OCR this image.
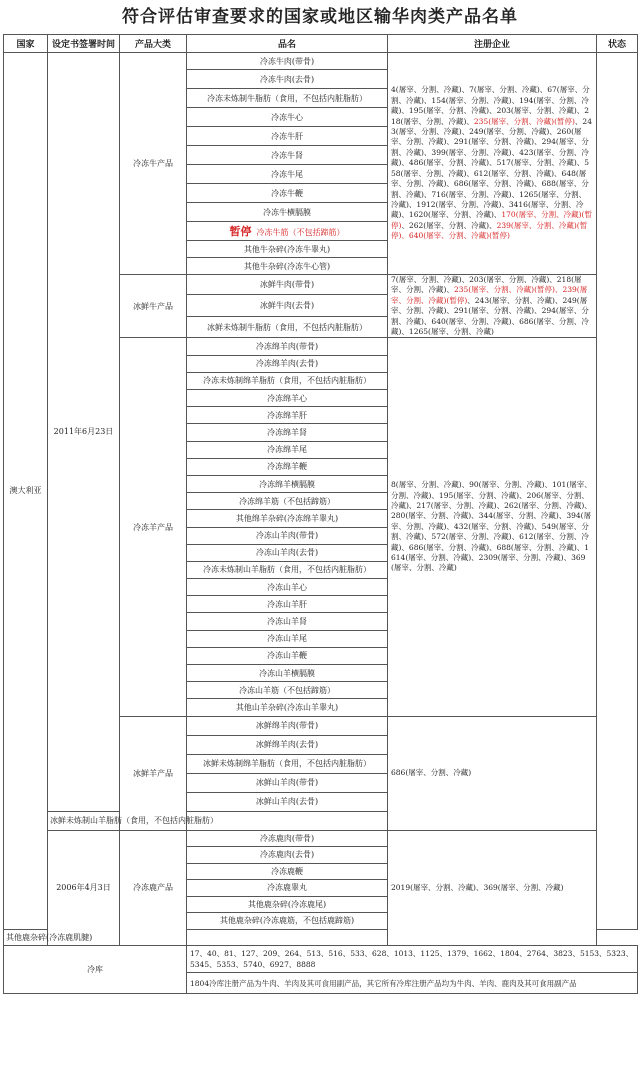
符合评估审查要求的国家或地区输华肉类产品名单
国家	设定书签署时间	产品大类	品名	注册企业	状态
澳大利亚	2011年6月23日	冷冻牛产品	冷冻牛肉(带骨)	4(屠宰、分割、冷藏)、7(屠宰、分割、冷藏)、67(屠宰、分割、冷藏)、154(屠宰、分割、冷藏)、194(屠宰、分割、冷藏)、195(屠宰、分割、冷藏)、203(屠宰、分割、冷藏)、218(屠宰、分割、冷藏)、235(屠宰、分割、冷藏)(暂停)、243(屠宰、分割、冷藏)、249(屠宰、分割、冷藏)、260(屠宰、分割、冷藏)、291(屠宰、分割、冷藏)、294(屠宰、分割、冷藏)、399(屠宰、分割、冷藏)、423(屠宰、分割、冷藏)、486(屠宰、分割、冷藏)、517(屠宰、分割、冷藏)、558(屠宰、分割、冷藏)、612(屠宰、分割、冷藏)、648(屠宰、分割、冷藏)、686(屠宰、分割、冷藏)、688(屠宰、分割、冷藏)、716(屠宰、分割、冷藏)、1265(屠宰、分割、冷藏)、1912(屠宰、分割、冷藏)、3416(屠宰、分割、冷藏)、1620(屠宰、分割、冷藏)、170(屠宰、分割、冷藏)(暂停)、262(屠宰、分割、冷藏)、239(屠宰、分割、冷藏)(暂停)、640(屠宰、分割、冷藏)(暂停)	
			冷冻牛肉(去骨)		
			冷冻未炼制牛脂肪（食用，不包括内脏脂肪）		
			冷冻牛心		
			冷冻牛肝		
			冷冻牛肾		
			冷冻牛尾		
			冷冻牛鞭		
			冷冻牛横膈膜		
			暂停 冷冻牛筋（不包括蹄筋）		
			其他牛杂碎(冷冻牛睾丸)		
			其他牛杂碎(冷冻牛心管)		
		冰鲜牛产品	冰鲜牛肉(带骨)	7(屠宰、分割、冷藏)、203(屠宰、分割、冷藏)、218(屠宰、分割、冷藏)、235(屠宰、分割、冷藏)(暂停)、239(屠宰、分割、冷藏)(暂停)、243(屠宰、分割、冷藏)、249(屠宰、分割、冷藏)、291(屠宰、分割、冷藏)、294(屠宰、分割、冷藏)、640(屠宰、分割、冷藏)、686(屠宰、分割、冷藏)、1265(屠宰、分割、冷藏)	
			冰鲜牛肉(去骨)		
			冰鲜未炼制牛脂肪（食用，不包括内脏脂肪）		
		冷冻羊产品	冷冻绵羊肉(带骨)	8(屠宰、分割、冷藏)、90(屠宰、分割、冷藏)、101(屠宰、分割、冷藏)、195(屠宰、分割、冷藏)、206(屠宰、分割、冷藏)、217(屠宰、分割、冷藏)、262(屠宰、分割、冷藏)、280(屠宰、分割、冷藏)、344(屠宰、分割、冷藏)、394(屠宰、分割、冷藏)、432(屠宰、分割、冷藏)、549(屠宰、分割、冷藏)、572(屠宰、分割、冷藏)、612(屠宰、分割、冷藏)、686(屠宰、分割、冷藏)、688(屠宰、分割、冷藏)、1614(屠宰、分割、冷藏)、2309(屠宰、分割、冷藏)、369(屠宰、分割、冷藏)	
			冷冻绵羊肉(去骨)		
			冷冻未炼制绵羊脂肪（食用，不包括内脏脂肪）		
			冷冻绵羊心		
			冷冻绵羊肝		
			冷冻绵羊肾		
			冷冻绵羊尾		
			冷冻绵羊鞭		
			冷冻绵羊横膈膜		
			冷冻绵羊筋（不包括蹄筋）		
			其他绵羊杂碎(冷冻绵羊睾丸)		
			冷冻山羊肉(带骨)		
			冷冻山羊肉(去骨)		
			冷冻未炼制山羊脂肪（食用，不包括内脏脂肪）		
			冷冻山羊心		
			冷冻山羊肝		
			冷冻山羊肾		
			冷冻山羊尾		
			冷冻山羊鞭		
			冷冻山羊横膈膜		
			冷冻山羊筋（不包括蹄筋）		
			其他山羊杂碎(冷冻山羊睾丸)		
		冰鲜羊产品	冰鲜绵羊肉(带骨)	686(屠宰、分割、冷藏)	
			冰鲜绵羊肉(去骨)		
			冰鲜未炼制绵羊脂肪（食用，不包括内脏脂肪）		
			冰鲜山羊肉(带骨)		
			冰鲜山羊肉(去骨)		
	冰鲜未炼制山羊脂肪（食用，不包括内脏脂肪）				
	2006年4月3日	冷冻鹿产品	冷冻鹿肉(带骨)	2019(屠宰、分割、冷藏)、369(屠宰、分割、冷藏)	
			冷冻鹿肉(去骨)		
			冷冻鹿鞭		
			冷冻鹿睾丸		
			其他鹿杂碎(冷冻鹿尾)		
			其他鹿杂碎(冷冻鹿筋，不包括鹿蹄筋)		
其他鹿杂碎(冷冻鹿肌腱)					
冷库			17、40、81、127、209、264、513、516、533、628、1013、1125、1379、1662、1804、2764、3823、5153、5323、5345、5353、5740、6927、8888		
			1804冷库注册产品为牛肉、羊肉及其可食用副产品，其它所有冷库注册产品均为牛肉、羊肉、鹿肉及其可食用副产品		
